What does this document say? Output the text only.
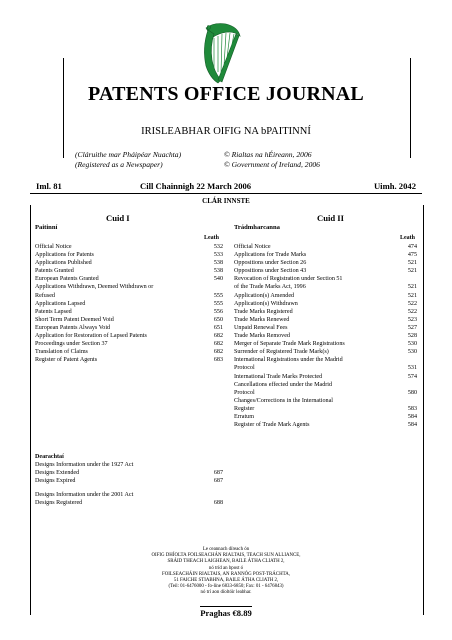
PATENTS OFFICE JOURNAL
IRISLEABHAR OIFIG NA bPAITINNÍ
(Cláruithe mar Pháipéar Nuachta)
(Registered as a Newspaper)
© Rialtas na hÉireann, 2006
© Government of Ireland, 2006
Iml. 81	Cill Chainnigh 22 March 2006	Uimh. 2042
CLÁR INNSTE
Cuid I
Paitinní
Leath
Official Notice	532
Applications for Patents	533
Applications Published	538
Patents Granted	538
European Patents Granted	540
Applications Withdrawn, Deemed Withdrawn or
Refused	555
Applications Lapsed	555
Patents Lapsed	556
Short Term Patent Deemed Void	650
European Patents Always Void	651
Application for Restoration of Lapsed Patents	682
Proceedings under Section 37	682
Translation of Claims	682
Register of Patent Agents	683
Dearachtaí
Designs Information under the 1927 Act
Designs Extended	687
Designs Expired	687
Designs Information under the 2001 Act
Designs Registered	688
Cuid II
Trádmharcanna
Leath
Official Notice	474
Applications for Trade Marks	475
Oppositions under Section 26	521
Oppositions under Section 43	521
Revocation of Registration under Section 51
of the Trade Marks Act, 1996	521
Application(s) Amended	521
Application(s) Withdrawn	522
Trade Marks Registered	522
Trade Marks Renewed	523
Unpaid Renewal Fees	527
Trade Marks Removed	528
Merger of Separate Trade Mark Registrations	530
Surrender of Registered Trade Mark(s)	530
International Registrations under the Madrid
Protocol	531
International Trade Marks Protected	574
Cancellations effected under the Madrid
Protocol	580
Changes/Corrections in the International
Register	583
Erratum	584
Register of Trade Mark Agents	584
Le ceannach díreach ón
OIFIG DHÍOLTA FOILSEACHÁN RIALTAIS, TEACH SUN ALLIANCE,
SRÁID THEACH LAIGHEAN, BAILE ÁTHA CLIATH 2,
nó tríd an bpost ó
FOILSEACHÁIN RIALTAIS, AN RANNÓG POST-TRÁCHTA,
51 FAICHE STIABHNA, BAILE ÁTHA CLIATH 2,
(Teil: 01-6476000 - fo-líne 6833-6850; Fax: 01 - 6476843)
nó trí aon díoltóir leabhar.
Praghas €8.89
